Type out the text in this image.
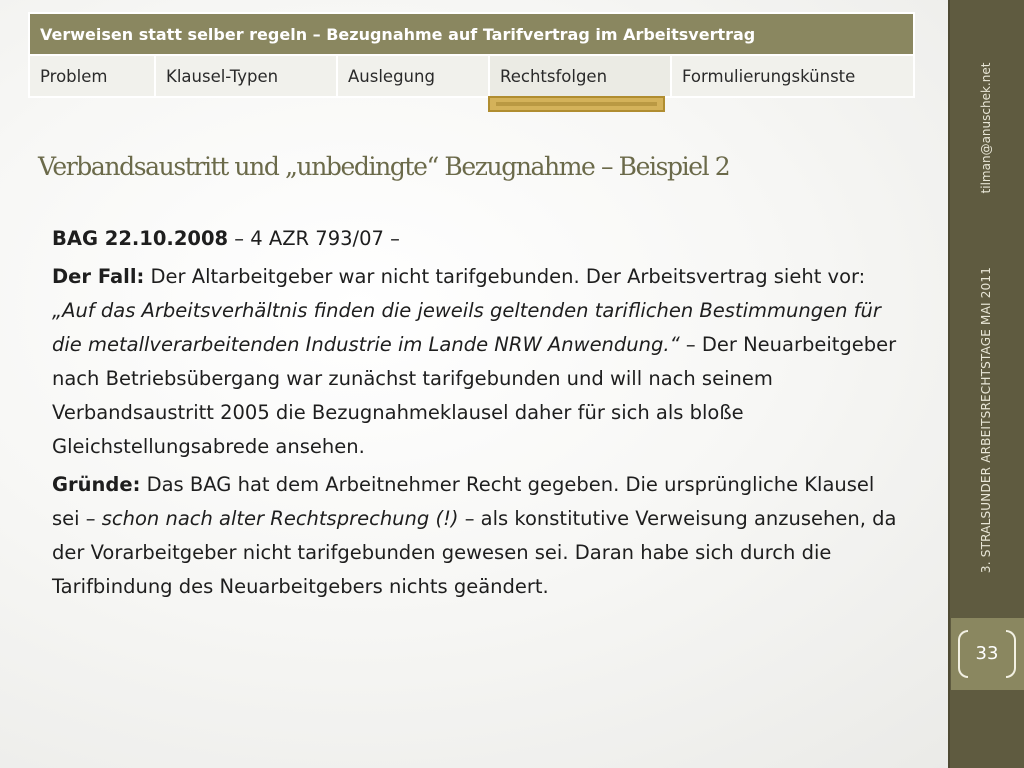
Verweisen statt selber regeln – Bezugnahme auf Tarifvertrag im Arbeitsvertrag
Problem	Klausel-Typen	Auslegung	Rechtsfolgen	Formulierungskünste
Verbandsaustritt und „unbedingte“ Bezugnahme – Beispiel 2

BAG 22.10.2008 – 4 AZR 793/07 –

Der Fall: Der Altarbeitgeber war nicht tarifgebunden. Der Arbeitsvertrag sieht vor: „Auf das Arbeitsverhältnis finden die jeweils geltenden tariflichen Bestimmungen für die metallverarbeitenden Industrie im Lande NRW Anwendung.“ – Der Neuarbeitgeber nach Betriebsübergang war zunächst tarifgebunden und will nach seinem Verbandsaustritt 2005 die Bezugnahmeklausel daher für sich als bloße Gleichstellungsabrede ansehen.

Gründe: Das BAG hat dem Arbeitnehmer Recht gegeben. Die ursprüngliche Klausel sei – schon nach alter Rechtsprechung (!) – als konstitutive Verweisung anzusehen, da der Vorarbeitgeber nicht tarifgebunden gewesen sei. Daran habe sich durch die Tarifbindung des Neuarbeitgebers nichts geändert.

tilman@anuschek.net
3. STRALSUNDER ARBEITSRECHTSTAGE MAI 2011
33
